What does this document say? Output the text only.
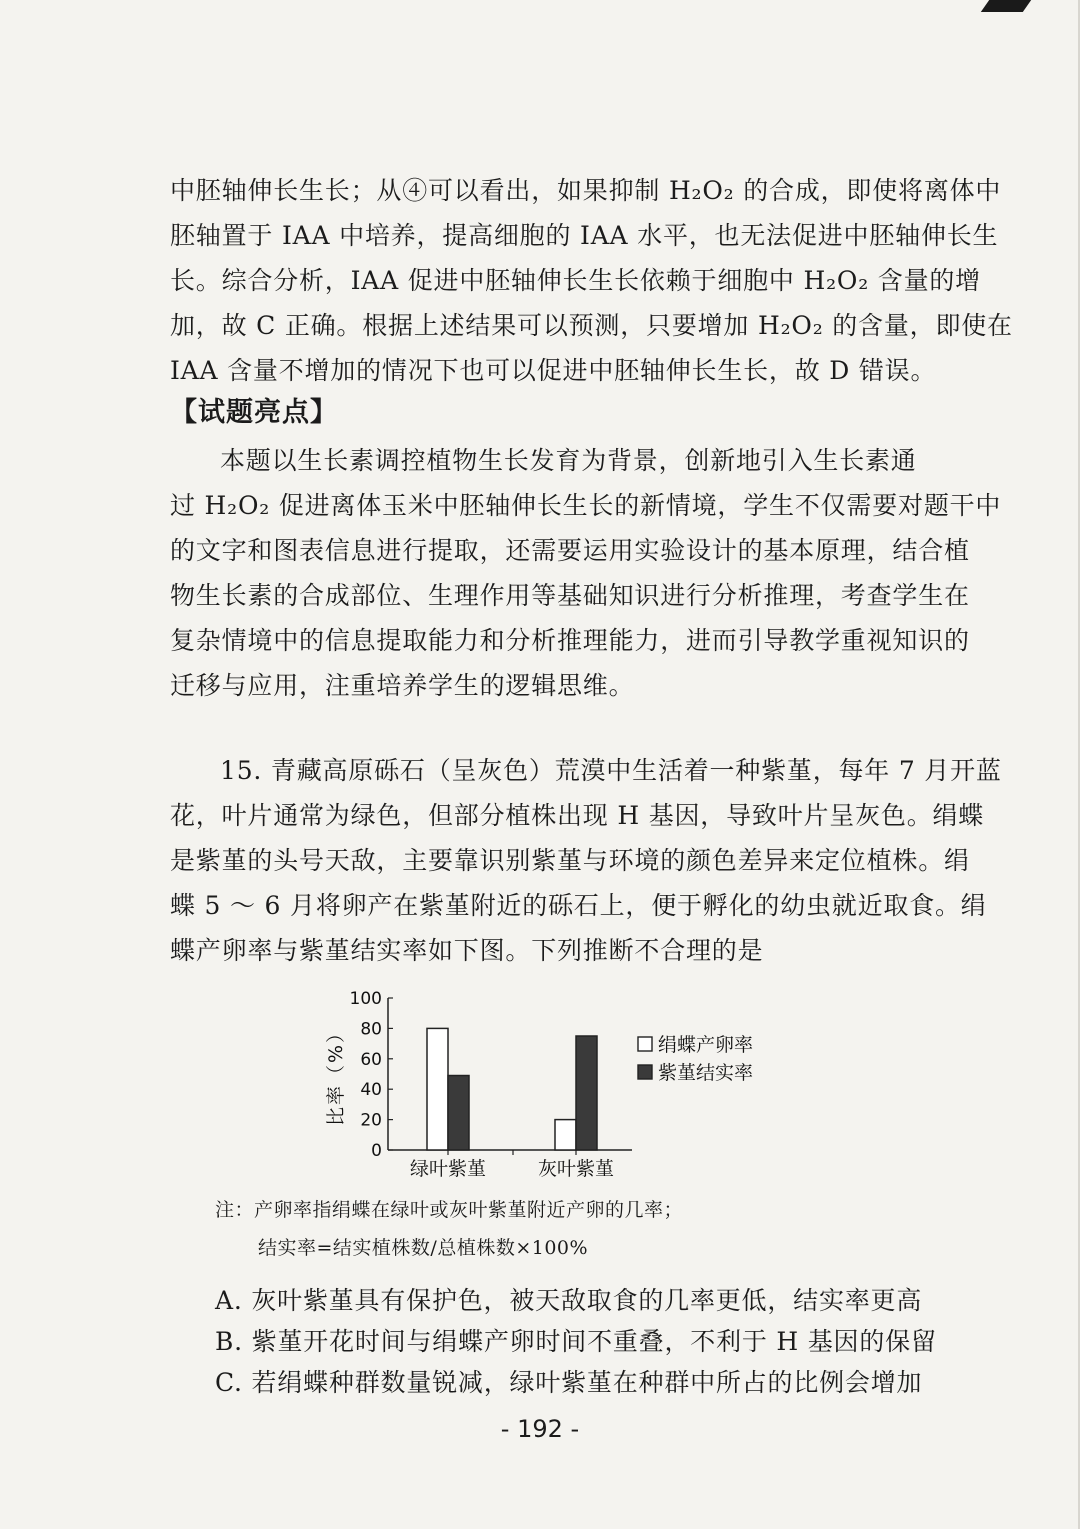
中胚轴伸长生长；从④可以看出，如果抑制 H₂O₂ 的合成，即使将离体中

胚轴置于 IAA 中培养，提高细胞的 IAA 水平，也无法促进中胚轴伸长生

长。综合分析，IAA 促进中胚轴伸长生长依赖于细胞中 H₂O₂ 含量的增

加，故 C 正确。根据上述结果可以预测，只要增加 H₂O₂ 的含量，即使在

IAA 含量不增加的情况下也可以促进中胚轴伸长生长，故 D 错误。

【试题亮点】

本题以生长素调控植物生长发育为背景，创新地引入生长素通

过 H₂O₂ 促进离体玉米中胚轴伸长生长的新情境，学生不仅需要对题干中

的文字和图表信息进行提取，还需要运用实验设计的基本原理，结合植

物生长素的合成部位、生理作用等基础知识进行分析推理，考查学生在

复杂情境中的信息提取能力和分析推理能力，进而引导教学重视知识的

迁移与应用，注重培养学生的逻辑思维。

15. 青藏高原砾石（呈灰色）荒漠中生活着一种紫堇，每年 7 月开蓝

花，叶片通常为绿色，但部分植株出现 H 基因，导致叶片呈灰色。绢蝶

是紫堇的头号天敌，主要靠识别紫堇与环境的颜色差异来定位植株。绢

蝶 5 ～ 6 月将卵产在紫堇附近的砾石上，便于孵化的幼虫就近取食。绢

蝶产卵率与紫堇结实率如下图。下列推断不合理的是

0
20
40
60
80
100
比率（%）
绿叶紫堇	灰叶紫堇
绢蝶产卵率
紫堇结实率
注：产卵率指绢蝶在绿叶或灰叶紫堇附近产卵的几率；
结实率=结实植株数/总植株数×100%

A. 灰叶紫堇具有保护色，被天敌取食的几率更低，结实率更高

B. 紫堇开花时间与绢蝶产卵时间不重叠，不利于 H 基因的保留

C. 若绢蝶种群数量锐减，绿叶紫堇在种群中所占的比例会增加

- 192 -
